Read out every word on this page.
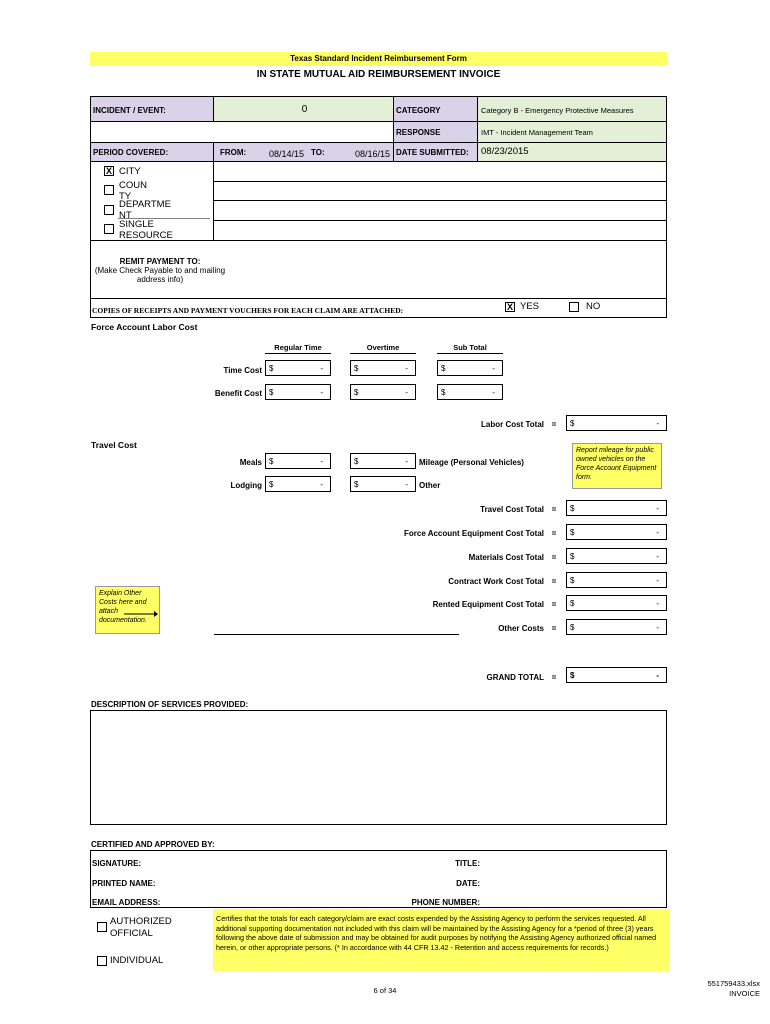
Texas Standard Incident Reimbursement Form
IN STATE MUTUAL AID REIMBURSEMENT INVOICE
INCIDENT / EVENT:	0	CATEGORY	Category B - Emergency Protective Measures
RESPONSE	IMT - Incident Management Team
PERIOD COVERED:	FROM:	08/14/15 TO:	08/16/15 DATE SUBMITTED: 08/23/2015
X CITY
COUN TY
DEPARTME NT
SINGLE RESOURCE
REMIT PAYMENT TO:
(Make Check Payable to and mailing address info)
COPIES OF RECEIPTS AND PAYMENT VOUCHERS FOR EACH CLAIM ARE ATTACHED:	X YES	NO
Force Account Labor Cost
Regular Time	Overtime	Sub Total
Time Cost $	-	$	-	$	-
Benefit Cost $	-	$	-	$	-
Labor Cost Total =	$	-
Travel Cost
Meals $	-	$	- Mileage (Personal Vehicles)
Lodging $	-	$	- Other
Report mileage for public owned vehicles on the Force Account Equipment form.
Travel Cost Total =	$	-
Force Account Equipment Cost Total =	$	-
Materials Cost Total =	$	-
Contract Work Cost Total =	$	-
Rented Equipment Cost Total =	$	-
Other Costs =	$	-
Explain Other Costs here and attach documentation.
GRAND TOTAL =	$	-
DESCRIPTION OF SERVICES PROVIDED:
CERTIFIED AND APPROVED BY:
SIGNATURE:
PRINTED NAME:
EMAIL ADDRESS:
TITLE:
DATE:
PHONE NUMBER:
AUTHORIZED OFFICIAL
INDIVIDUAL
Certifies that the totals for each category/claim are exact costs expended by the Assisting Agency to perform the services requested. All additional supporting documentation not included with this claim will be maintained by the Assisting Agency for a *period of three (3) years following the above date of submission and may be obtained for audit purposes by notifying the Assisting Agency authorized official named herein, or other appropriate persons. (* In accordance with 44 CFR 13.42 - Retention and access requirements for records.)
6 of 34
551759433.xlsx
INVOICE
